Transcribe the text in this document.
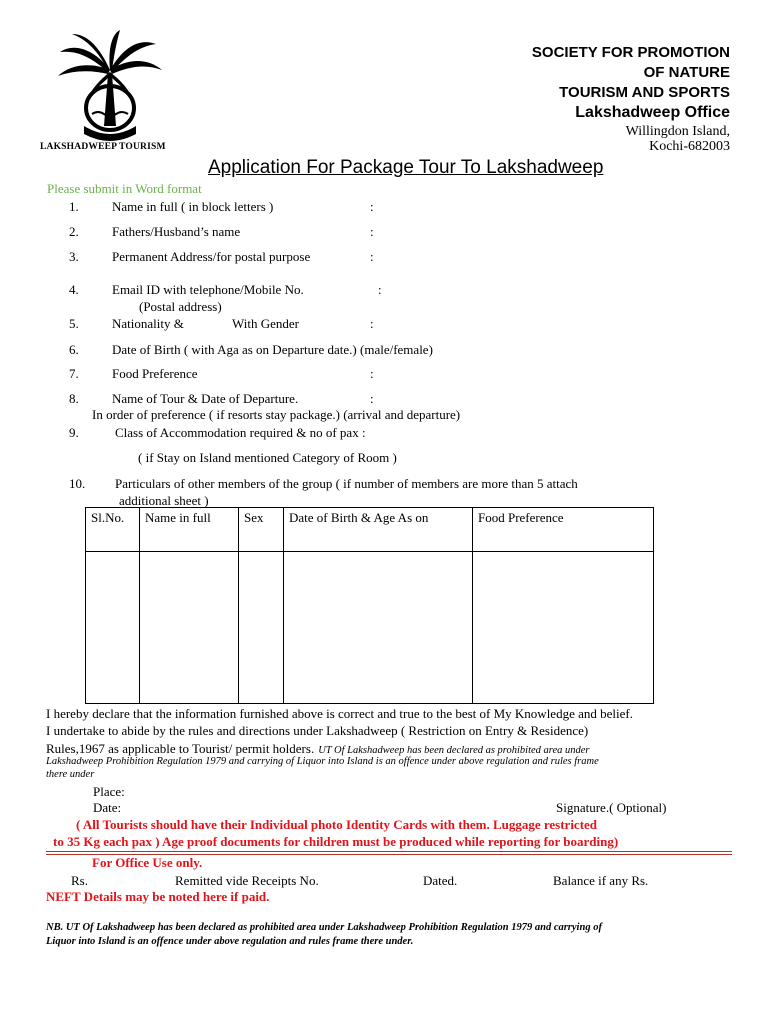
LAKSHADWEEP TOURISM
SOCIETY FOR PROMOTION
OF NATURE
TOURISM AND SPORTS
Lakshadweep Office
Willingdon Island,
Kochi-682003
Application For Package Tour To Lakshadweep
Please submit in Word format
1.	Name in full ( in block letters )	:
2.	Fathers/Husband’s name	:
3.	Permanent Address/for postal purpose	:
4.	Email ID with telephone/Mobile No.	:
(Postal address)
5.	Nationality &	With Gender	:
6.	Date of Birth ( with Aga as on Departure date.) (male/female)
7.	Food Preference	:
8.	Name of Tour & Date of Departure.	:
In order of preference ( if resorts stay package.) (arrival and departure)
9.	Class of Accommodation required & no of pax :
( if Stay on Island mentioned Category of Room )
10. Particulars of other members of the group ( if number of members are more than 5 attach
additional sheet )
Sl.No.	Name in full	Sex	Date of Birth & Age As on	Food Preference

I hereby declare that the information furnished above is correct and true to the best of My Knowledge and belief.
I undertake to abide by the rules and directions under Lakshadweep ( Restriction on Entry & Residence)
Rules,1967 as applicable to Tourist/ permit holders. UT Of Lakshadweep has been declared as prohibited area under
Lakshadweep Prohibition Regulation 1979 and carrying of Liquor into Island is an offence under above regulation and rules frame
there under
Place:
Date:	Signature.( Optional)
( All Tourists should have their Individual photo Identity Cards with them. Luggage restricted
to 35 Kg each pax ) Age proof documents for children must be produced while reporting for boarding)
For Office Use only.
Rs.	Remitted vide Receipts No.	Dated.	Balance if any Rs.
NEFT Details may be noted here if paid.
NB. UT Of Lakshadweep has been declared as prohibited area under Lakshadweep Prohibition Regulation 1979 and carrying of
Liquor into Island is an offence under above regulation and rules frame there under.
